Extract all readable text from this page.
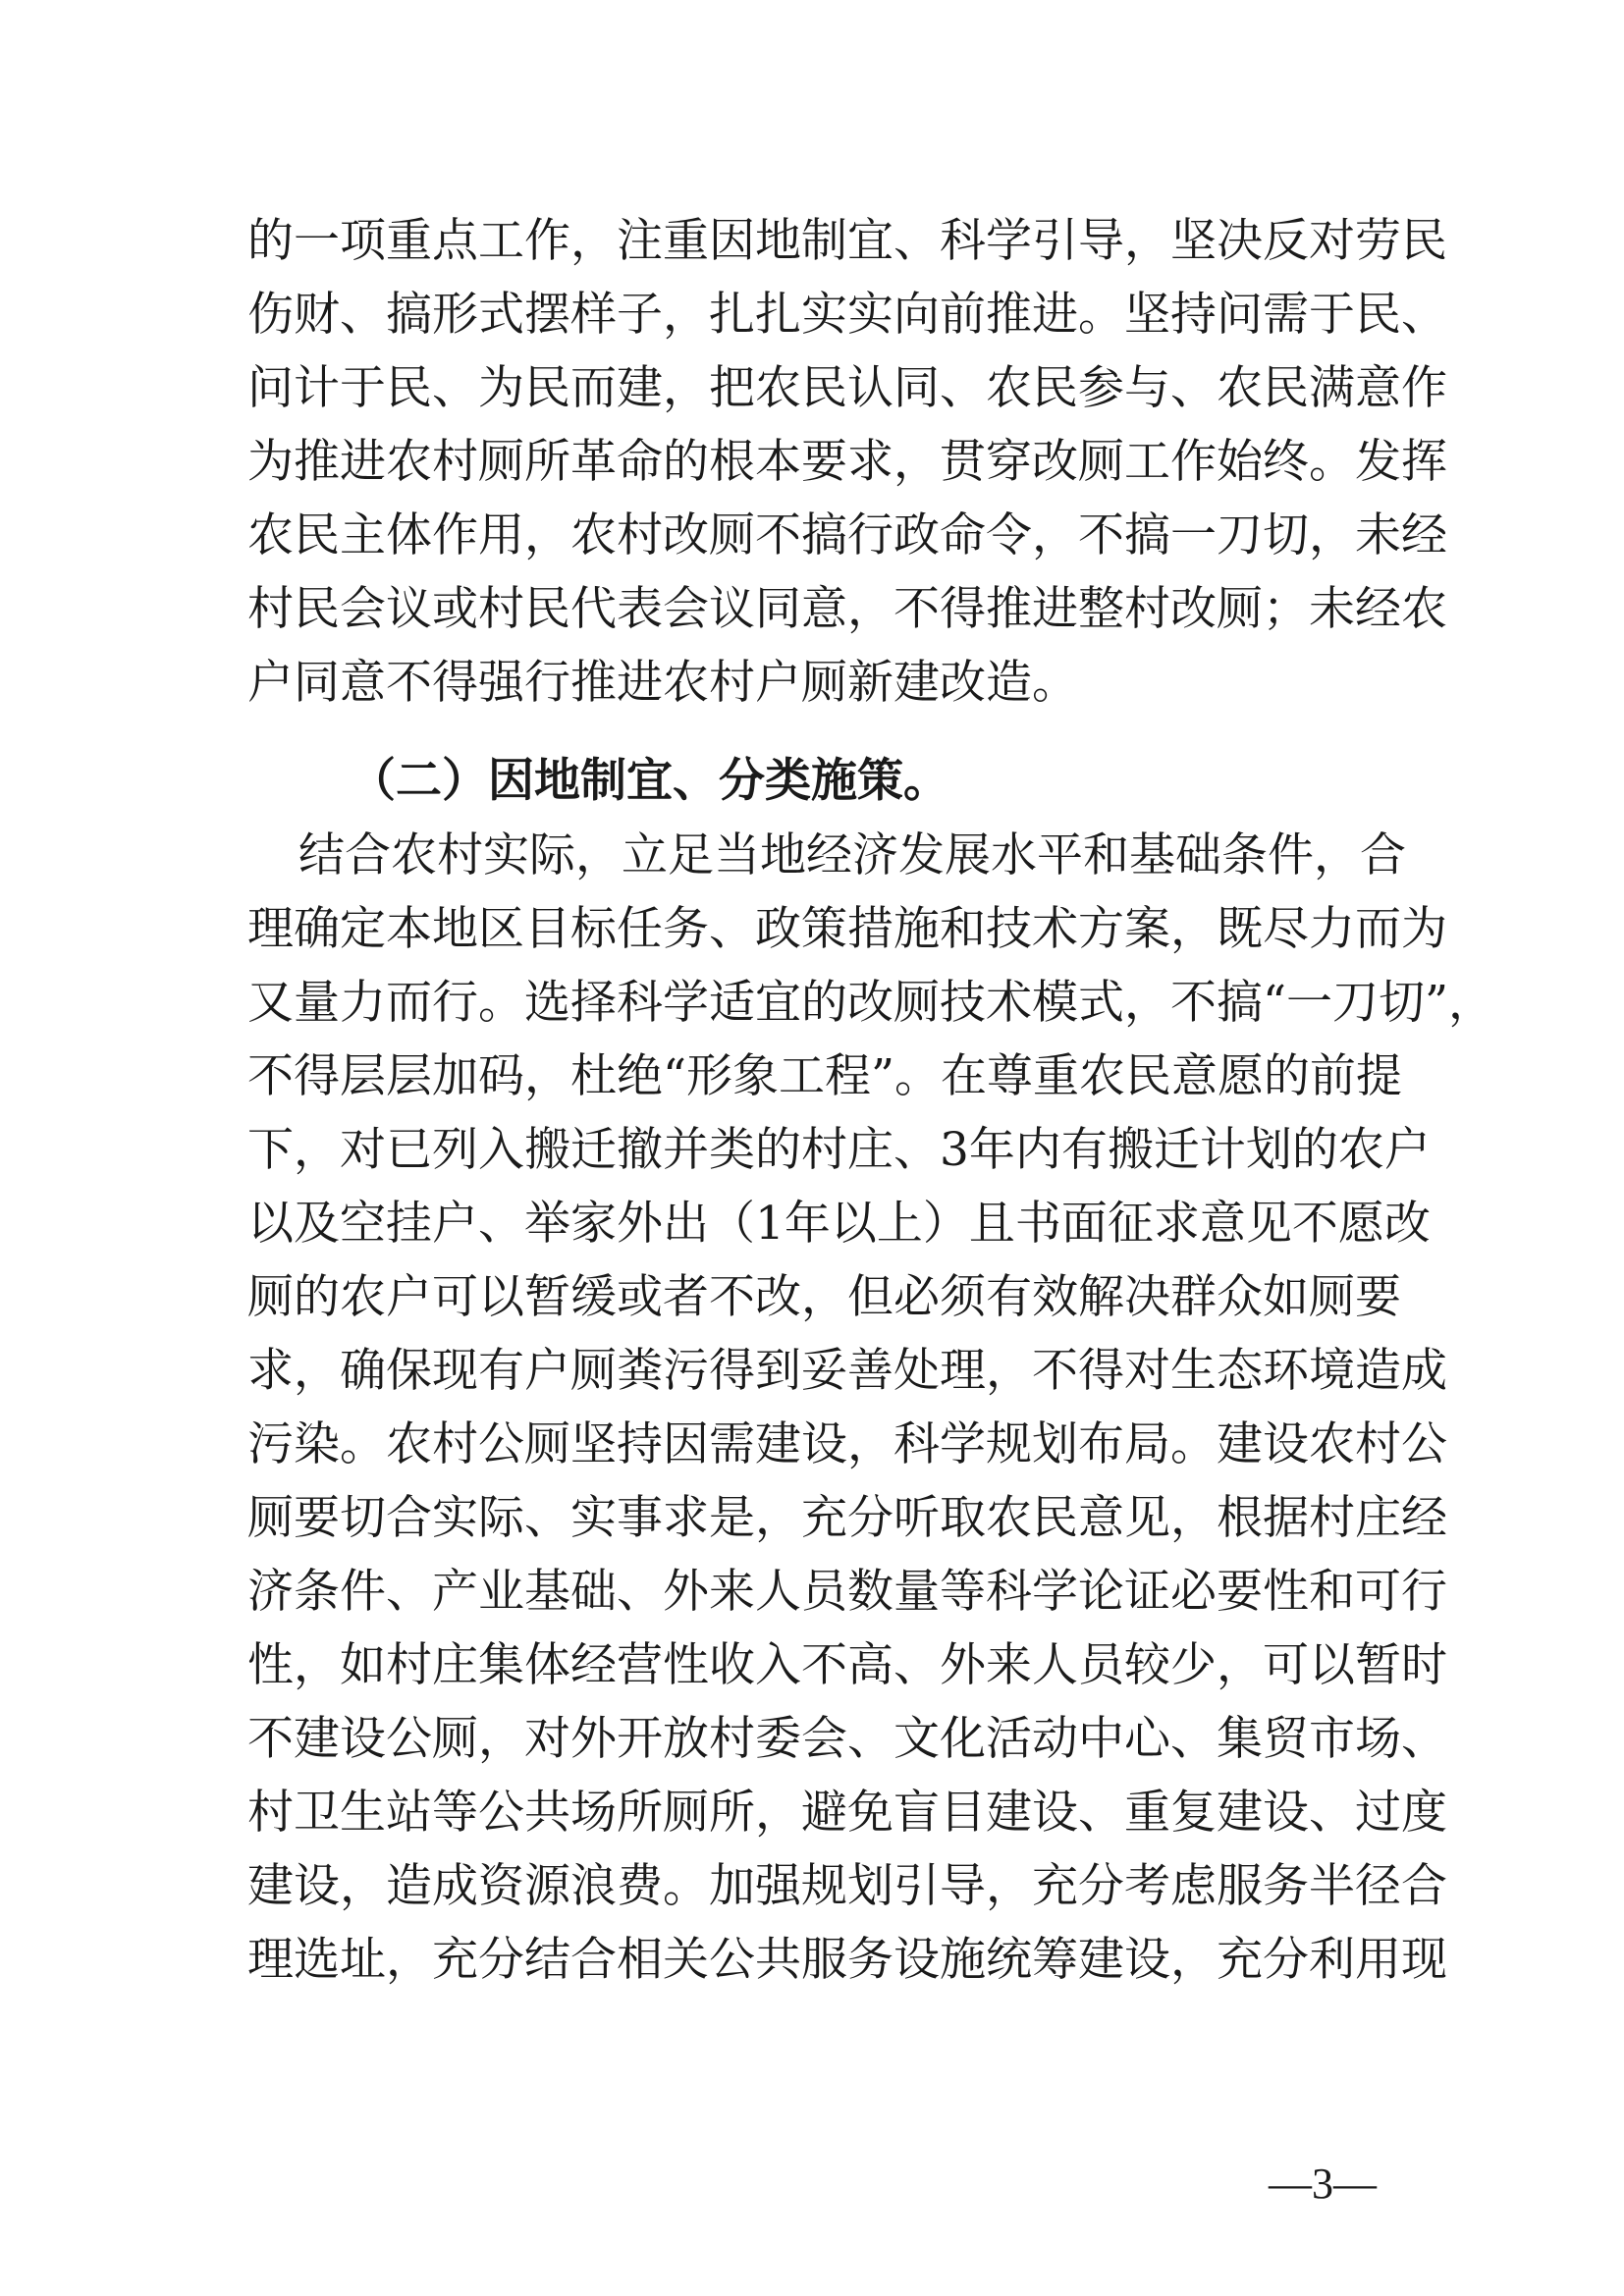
的一项重点工作，注重因地制宜、科学引导，坚决反对劳民
伤财、搞形式摆样子，扎扎实实向前推进。坚持问需于民、
问计于民、为民而建，把农民认同、农民参与、农民满意作
为推进农村厕所革命的根本要求，贯穿改厕工作始终。发挥
农民主体作用，农村改厕不搞行政命令，不搞一刀切，未经
村民会议或村民代表会议同意，不得推进整村改厕；未经农
户同意不得强行推进农村户厕新建改造。
（二）因地制宜、分类施策。
结合农村实际，立足当地经济发展水平和基础条件，合
理确定本地区目标任务、政策措施和技术方案，既尽力而为
又量力而行。选择科学适宜的改厕技术模式，不搞“一刀切”，
不得层层加码，杜绝“形象工程”。在尊重农民意愿的前提
下，对已列入搬迁撤并类的村庄、3年内有搬迁计划的农户
以及空挂户、举家外出（1年以上）且书面征求意见不愿改
厕的农户可以暂缓或者不改，但必须有效解决群众如厕要
求，确保现有户厕粪污得到妥善处理，不得对生态环境造成
污染。农村公厕坚持因需建设，科学规划布局。建设农村公
厕要切合实际、实事求是，充分听取农民意见，根据村庄经
济条件、产业基础、外来人员数量等科学论证必要性和可行
性，如村庄集体经营性收入不高、外来人员较少，可以暂时
不建设公厕，对外开放村委会、文化活动中心、集贸市场、
村卫生站等公共场所厕所，避免盲目建设、重复建设、过度
建设，造成资源浪费。加强规划引导，充分考虑服务半径合
理选址，充分结合相关公共服务设施统筹建设，充分利用现
—3—
